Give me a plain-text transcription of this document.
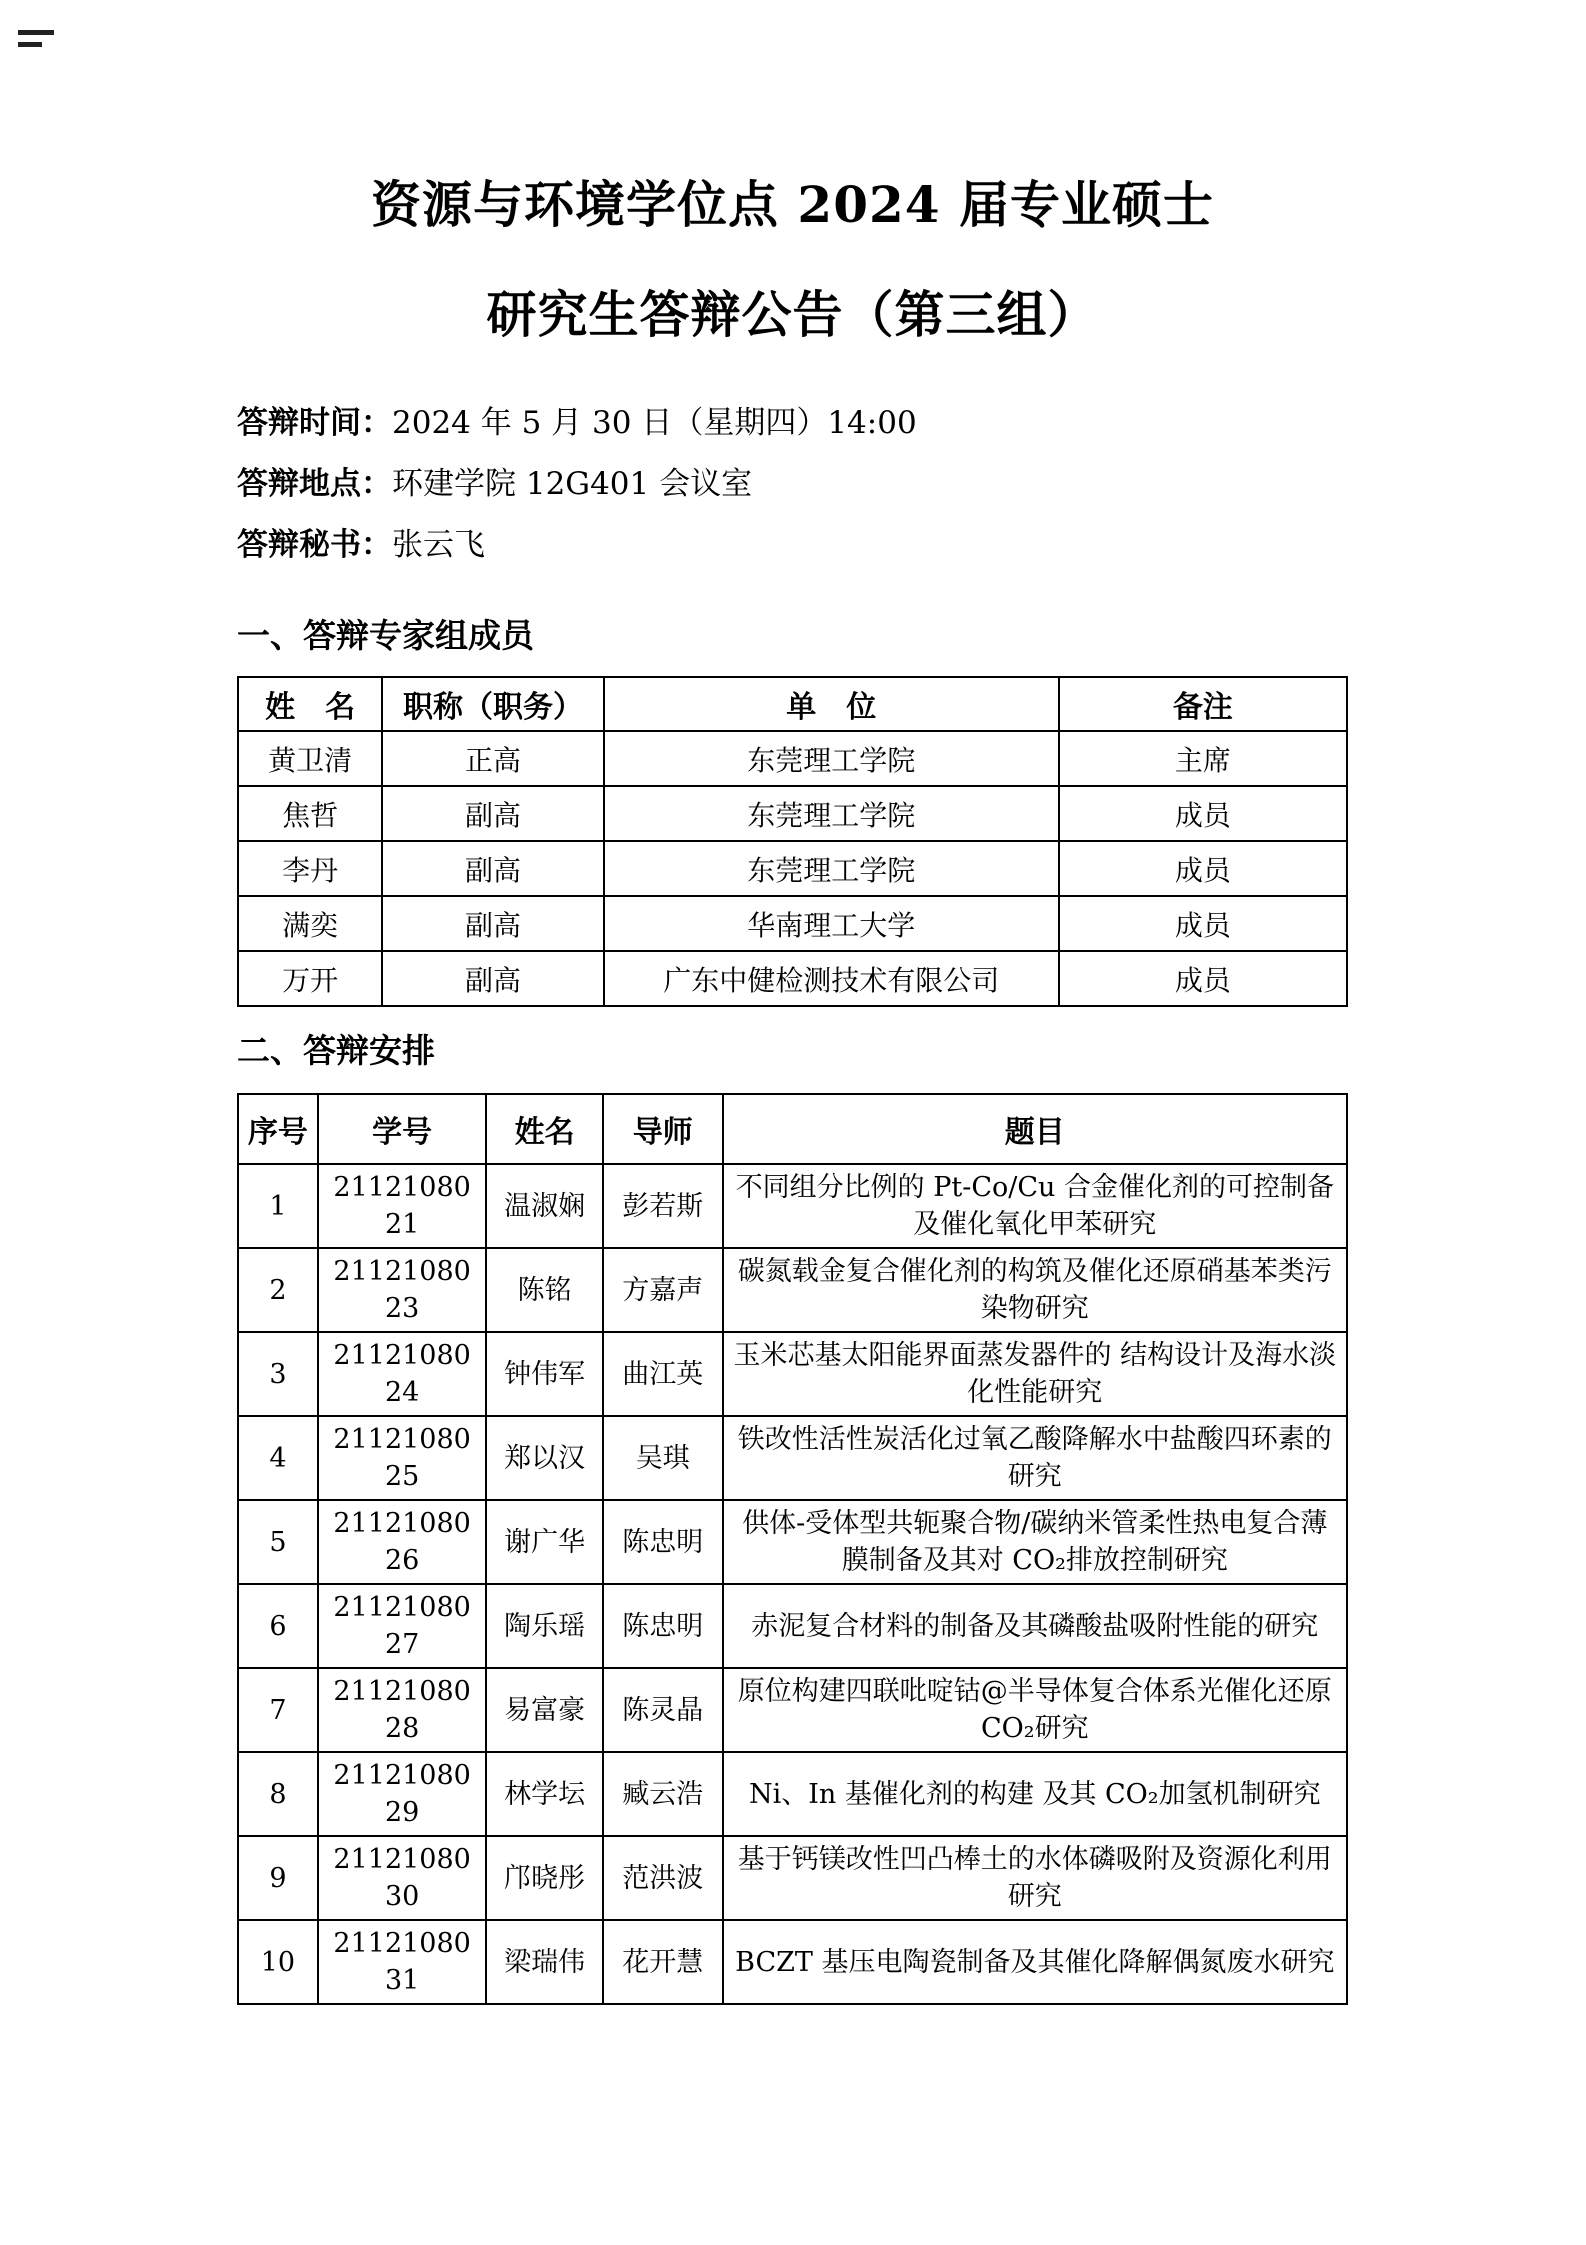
资源与环境学位点 2024 届专业硕士
研究生答辩公告（第三组）

答辩时间：2024 年 5 月 30 日（星期四）14:00

答辩地点：环建学院 12G401 会议室

答辩秘书：张云飞

一、答辩专家组成员
姓　名	职称（职务）	单　位	备注
黄卫清	正高	东莞理工学院	主席
焦哲	副高	东莞理工学院	成员
李丹	副高	东莞理工学院	成员
满奕	副高	华南理工大学	成员
万开	副高	广东中健检测技术有限公司	成员
二、答辩安排
序号	学号	姓名	导师	题目
1	2112108021	温淑娴	彭若斯	不同组分比例的 Pt-Co/Cu 合金催化剂的可控制备及催化氧化甲苯研究
2	2112108023	陈铭	方嘉声	碳氮载金复合催化剂的构筑及催化还原硝基苯类污染物研究
3	2112108024	钟伟军	曲江英	玉米芯基太阳能界面蒸发器件的 结构设计及海水淡化性能研究
4	2112108025	郑以汉	吴琪	铁改性活性炭活化过氧乙酸降解水中盐酸四环素的研究
5	2112108026	谢广华	陈忠明	供体-受体型共轭聚合物/碳纳米管柔性热电复合薄膜制备及其对 CO₂排放控制研究
6	2112108027	陶乐瑶	陈忠明	赤泥复合材料的制备及其磷酸盐吸附性能的研究
7	2112108028	易富豪	陈灵晶	原位构建四联吡啶钴@半导体复合体系光催化还原 CO₂研究
8	2112108029	林学坛	臧云浩	Ni、In 基催化剂的构建 及其 CO₂加氢机制研究
9	2112108030	邝晓彤	范洪波	基于钙镁改性凹凸棒土的水体磷吸附及资源化利用研究
10	2112108031	梁瑞伟	花开慧	BCZT 基压电陶瓷制备及其催化降解偶氮废水研究
